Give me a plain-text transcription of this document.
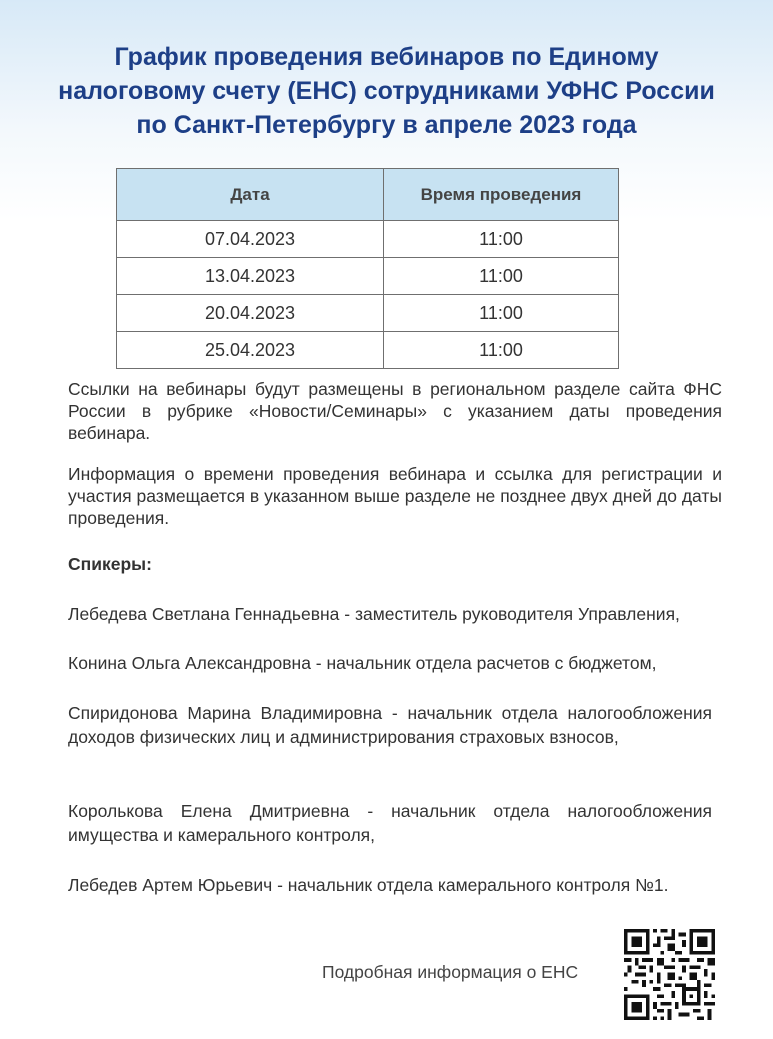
График проведения вебинаров по Единому
налоговому счету (ЕНС) сотрудниками УФНС России
по Санкт-Петербургу в апреле 2023 года
Дата	Время проведения
07.04.2023	11:00
13.04.2023	11:00
20.04.2023	11:00
25.04.2023	11:00
Ссылки на вебинары будут размещены в региональном разделе сайта ФНС России в рубрике «Новости/Семинары» с указанием даты проведения вебинара.
Информация о времени проведения вебинара и ссылка для регистрации и участия размещается в указанном выше разделе не позднее двух дней до даты проведения.
Спикеры:
Лебедева Светлана Геннадьевна - заместитель руководителя Управления,
Конина Ольга Александровна - начальник отдела расчетов с бюджетом,
Спиридонова Марина Владимировна - начальник отдела налогообложения доходов физических лиц и администрирования страховых взносов,
Королькова Елена Дмитриевна - начальник отдела налогообложения имущества и камерального контроля,
Лебедев Артем Юрьевич - начальник отдела камерального контроля №1.
Подробная информация о ЕНС
